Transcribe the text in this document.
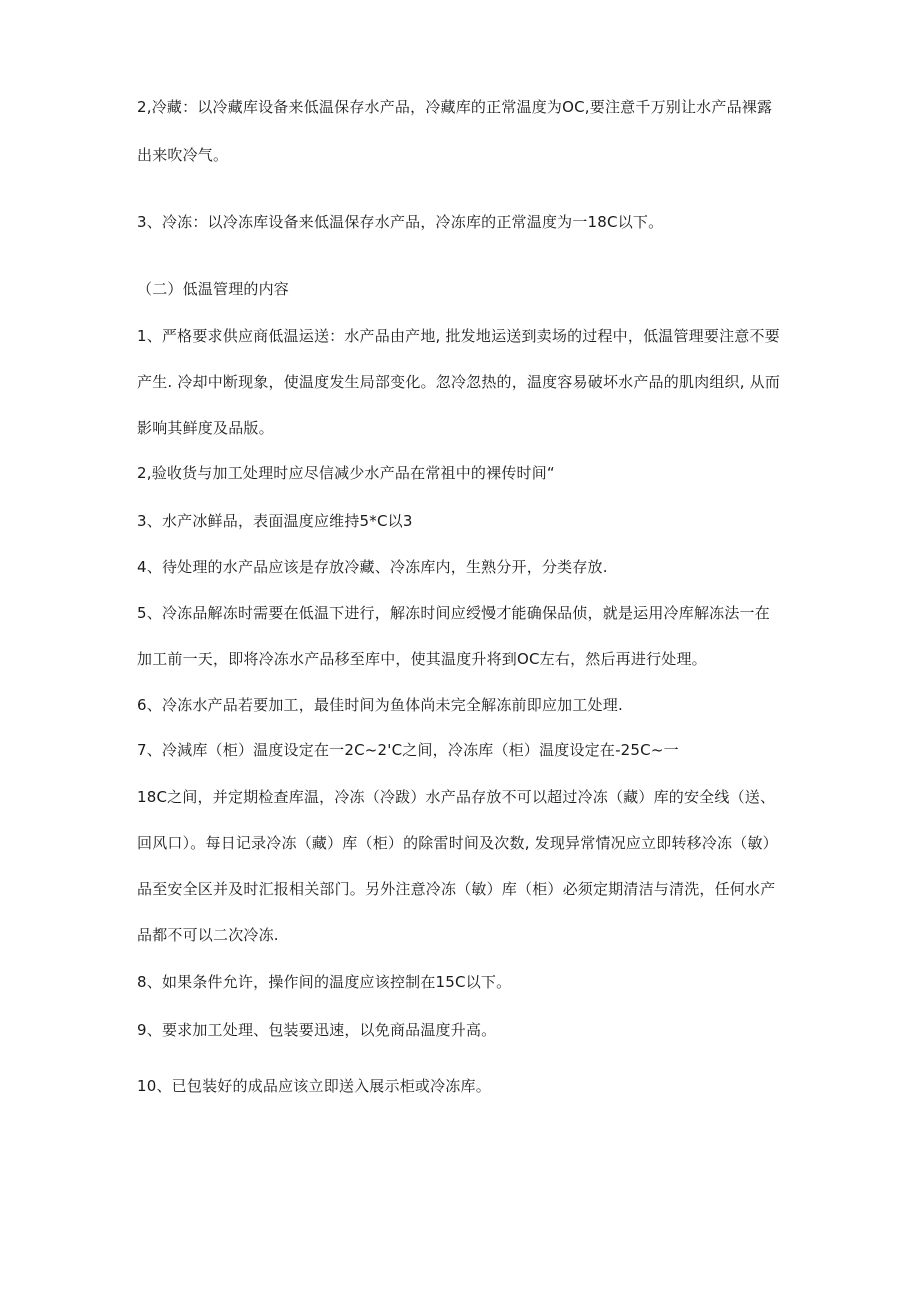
2,冷藏：以冷藏库设备来低温保存水产品，冷藏库的正常温度为OC,要注意千万别让水产品裸露
出来吹冷气。
3、冷冻：以冷冻库设备来低温保存水产品，冷冻库的正常温度为一18C以下。
（二）低温管理的内容
1、严格要求供应商低温运送：水产品由产地, 批发地运送到卖场的过程中，低温管理要注意不要
产生. 冷却中断现象，使温度发生局部变化。忽冷忽热的，温度容易破坏水产品的肌肉组织, 从而
影响其鲜度及品版。
2,验收货与加工处理时应尽信减少水产品在常祖中的裸传时间“
3、水产冰鲜品，表面温度应维持5*C以3
4、待处理的水产品应该是存放冷藏、冷冻库内，生熟分开，分类存放.
5、冷冻品解冻时需要在低温下进行，解冻时间应绶慢才能确保品侦，就是运用冷库解冻法一在
加工前一天，即将冷冻水产品移至库中，使其温度升将到OC左右，然后再进行处理。
6、冷冻水产品若要加工，最佳时间为鱼体尚未完全解冻前即应加工处理.
7、冷減库（柜）温度设定在一2C~2'C之间，冷冻库（柜）温度设定在-25C~一
18C之间，并定期检查库温，冷冻（冷跋）水产品存放不可以超过冷冻（藏）库的安全线（送、
回风口）。每日记录冷冻（藏）库（柜）的除雷时间及次数, 发现异常情况应立即转移冷冻（敏）
品至安全区并及时汇报相关部门。另外注意冷冻（敏）库（柜）必须定期清洁与清洗，任何水产
品都不可以二次冷冻.
8、如果条件允许，操作间的温度应该控制在15C以下。
9、要求加工处理、包装要迅速，以免商品温度升高。
10、已包装好的成品应该立即送入展示柜或冷冻库。
